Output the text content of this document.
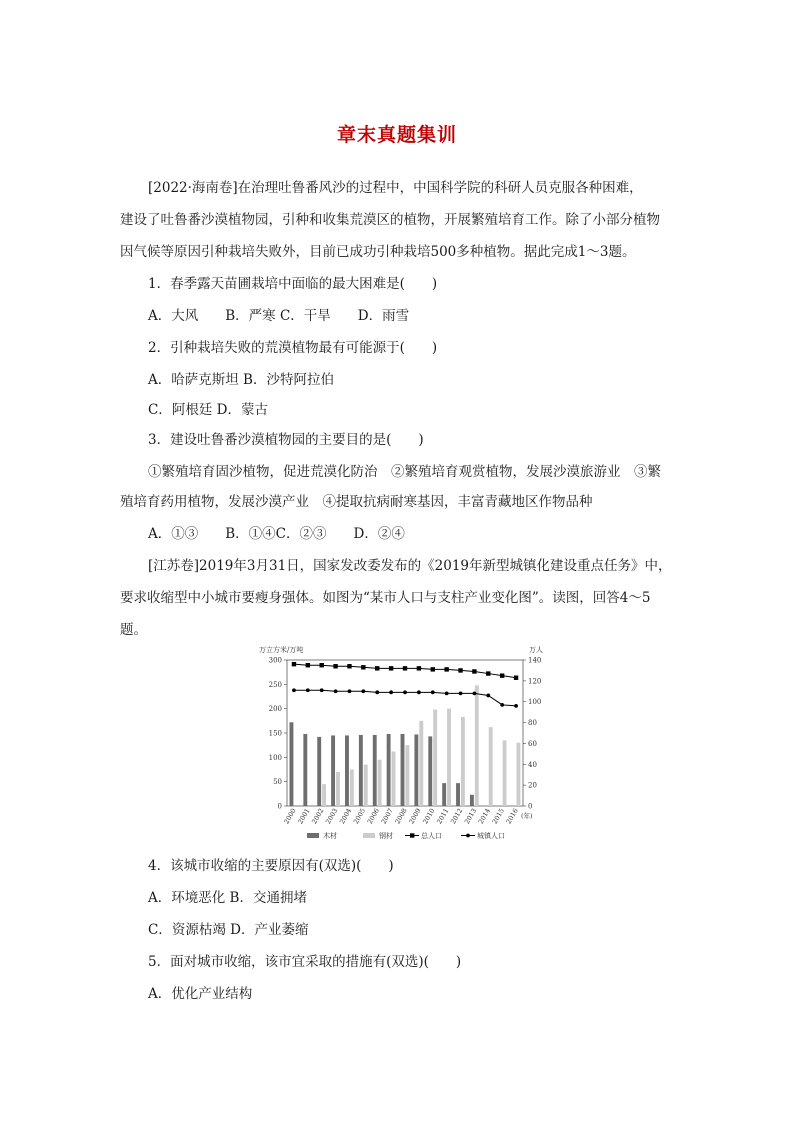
章末真题集训
[2022·海南卷]在治理吐鲁番风沙的过程中，中国科学院的科研人员克服各种困难，
建设了吐鲁番沙漠植物园，引种和收集荒漠区的植物，开展繁殖培育工作。除了小部分植物
因气候等原因引种栽培失败外，目前已成功引种栽培500多种植物。据此完成1～3题。
1．春季露天苗圃栽培中面临的最大困难是(　　)
A．大风　　B．严寒 C．干旱　　D．雨雪
2．引种栽培失败的荒漠植物最有可能源于(　　)
A．哈萨克斯坦 B．沙特阿拉伯
C．阿根廷 D．蒙古
3．建设吐鲁番沙漠植物园的主要目的是(　　)
①繁殖培育固沙植物，促进荒漠化防治　②繁殖培育观赏植物，发展沙漠旅游业　③繁
殖培育药用植物，发展沙漠产业　④提取抗病耐寒基因，丰富青藏地区作物品种
A．①③　　B．①④C．②③　　D．②④
[江苏卷]2019年3月31日，国家发改委发布的《2019年新型城镇化建设重点任务》中，
要求收缩型中小城市要瘦身强体。如图为“某市人口与支柱产业变化图”。读图，回答4～5
题。
4．该城市收缩的主要原因有(双选)(　　)
A．环境恶化 B．交通拥堵
C．资源枯竭 D．产业萎缩
5．面对城市收缩，该市宜采取的措施有(双选)(　　)
A．优化产业结构
万立方米/万吨	万人
0
50
100
150
200
250
300
0
20
40
60
80
100
120
140
2000
2001
2002
2003
2004
2005
2006
2007
2008
2009
2010
2011
2012
2013
2014
2015
2016 (年)
木材	钢材	总人口	城镇人口
